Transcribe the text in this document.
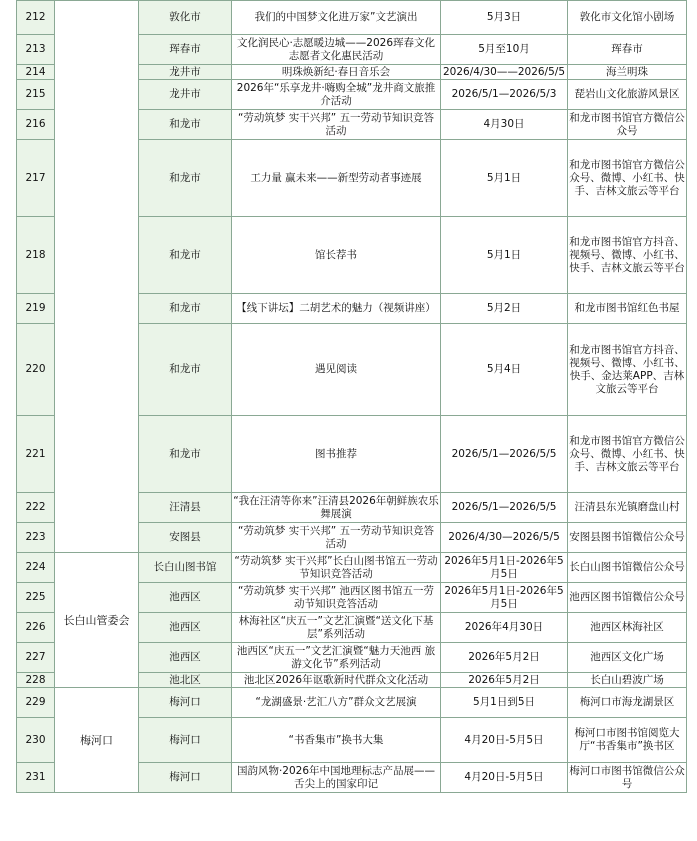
212		敦化市	我们的中国梦文化进万家”文艺演出	5月3日	敦化市文化馆小剧场
213		珲春市	文化润民心·志愿暖边城——2026珲春文化志愿者文化惠民活动	5月至10月	珲春市
214		龙井市	明珠焕新纪·春日音乐会	2026/4/30——2026/5/5	海兰明珠
215		龙井市	2026年“乐享龙井·嗨购全城”龙井商文旅推介活动	2026/5/1—2026/5/3	琵岩山文化旅游风景区
216		和龙市	“劳动筑梦 实干兴邦” 五一劳动节知识竞答活动	4月30日	和龙市图书馆官方微信公众号
217		和龙市	工力量 赢未来——新型劳动者事迹展	5月1日	和龙市图书馆官方微信公众号、微博、小红书、快手、吉林文旅云等平台
218		和龙市	馆长荐书	5月1日	和龙市图书馆官方抖音、视频号、微博、小红书、快手、吉林文旅云等平台
219		和龙市	【线下讲坛】二胡艺术的魅力（视频讲座）	5月2日	和龙市图书馆红色书屋
220		和龙市	遇见阅读	5月4日	和龙市图书馆官方抖音、视频号、微博、小红书、快手、金达莱APP、吉林文旅云等平台
221		和龙市	图书推荐	2026/5/1—2026/5/5	和龙市图书馆官方微信公众号、微博、小红书、快手、吉林文旅云等平台
222		汪清县	“我在汪清等你来”汪清县2026年朝鲜族农乐舞展演	2026/5/1—2026/5/5	汪清县东光镇磨盘山村
223		安图县	“劳动筑梦 实干兴邦” 五一劳动节知识竞答活动	2026/4/30—2026/5/5	安图县图书馆微信公众号
224	长白山管委会	长白山图书馆	“劳动筑梦 实干兴邦”长白山图书馆五一劳动节知识竞答活动	2026年5月1日-2026年5月5日	长白山图书馆微信公众号
225		池西区	“劳动筑梦 实干兴邦” 池西区图书馆五一劳动节知识竞答活动	2026年5月1日-2026年5月5日	池西区图书馆微信公众号
226		池西区	林海社区“庆五一”文艺汇演暨“送文化下基层”系列活动	2026年4月30日	池西区林海社区
227		池西区	池西区“庆五一”文艺汇演暨“魅力天池西 旅游文化节”系列活动	2026年5月2日	池西区文化广场
228		池北区	池北区2026年讴歌新时代群众文化活动	2026年5月2日	长白山碧波广场
229	梅河口	梅河口	“龙湖盛景·艺汇八方”群众文艺展演	5月1日到5日	梅河口市海龙湖景区
230		梅河口	“书香集市”换书大集	4月20日-5月5日	梅河口市图书馆阅览大厅“书香集市”换书区
231		梅河口	国韵风物·2026年中国地理标志产品展——舌尖上的国家印记	4月20日-5月5日	梅河口市图书馆微信公众号
